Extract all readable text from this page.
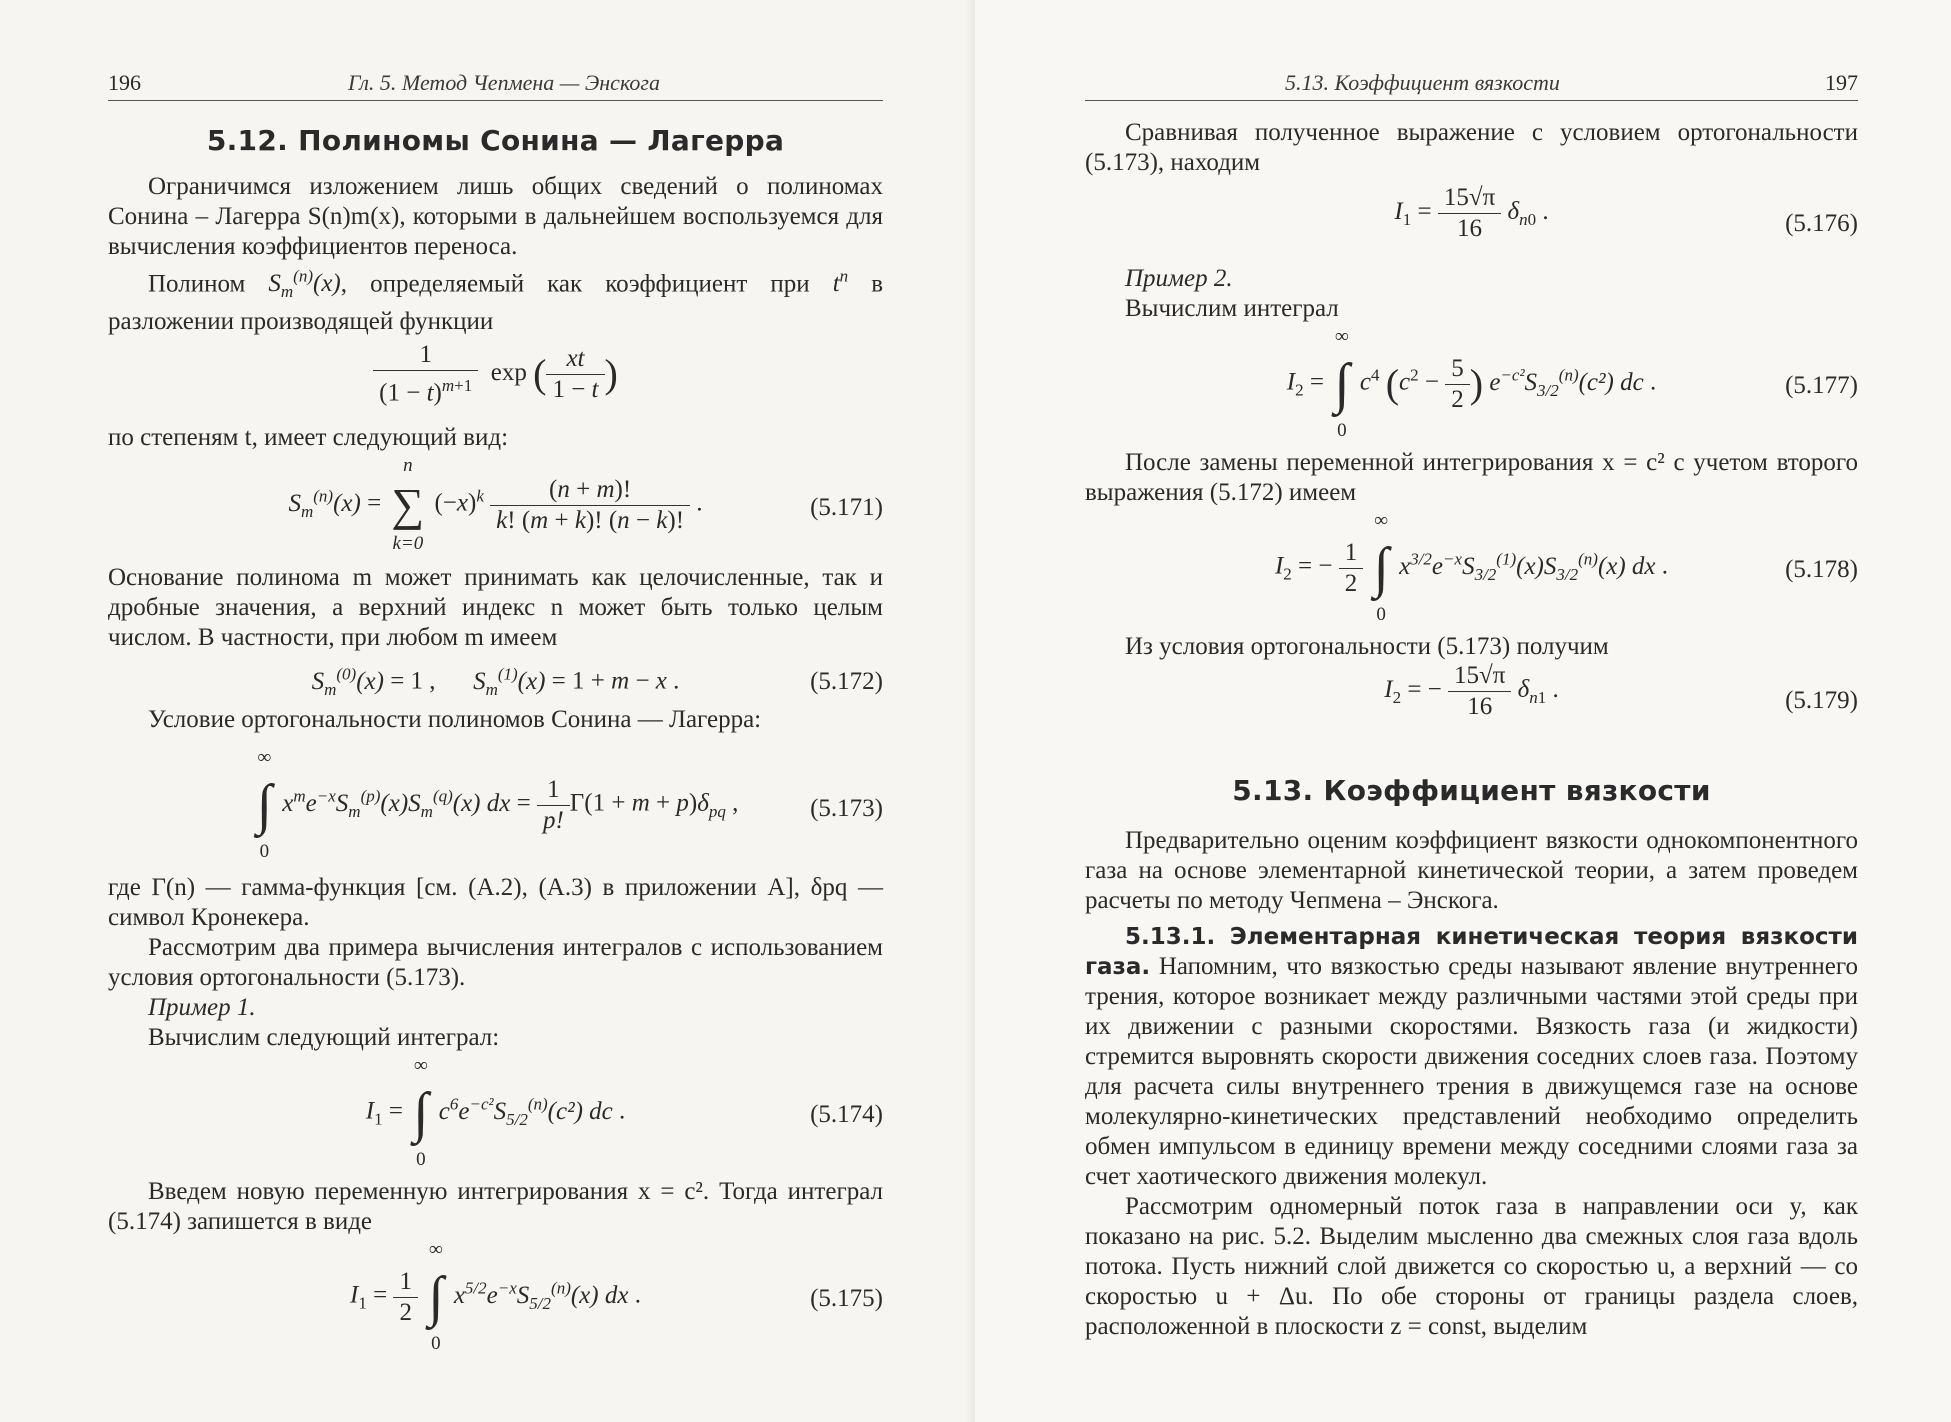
196	Гл. 5. Метод Чепмена — Энскога
5.12. Полиномы Сонина — Лагерра

Ограничимся изложением лишь общих сведений о полиномах Сонина – Лагерра S(n)m(x), которыми в дальнейшем воспользуемся для вычисления коэффициентов переноса.

Полином $S_m^{(n)}(x)$, определяемый как коэффициент при $t^n$ в разложении производящей функции

$\frac{1}{(1 - t)^{m+1}}$ exp ( $\frac{xt}{1 - t}$ )

по степеням t, имеет следующий вид:

$S_m^{(n)}(x)$ =
n
∑
k=0
$(-x)^k \frac{(n + m)!}{k! (m + k)! (n - k)!}$ .	(5.171)

Основание полинома m может принимать как целочисленные, так и дробные значения, а верхний индекс n может быть только целым числом. В частности, при любом m имеем

$S_m^{(0)}(x) = 1$ ,      $S_m^{(1)}(x) = 1 + m - x$ .	(5.172)

Условие ортогональности полиномов Сонина — Лагерра:

∞
∫
0
$x^me^{-x}S_m^{(p)}(x)S_m^{(q)}(x)$ dx = $\frac{1}{p!} \Gamma(1 + m + p)\delta_{pq}$ ,	(5.173)

где Γ(n) — гамма-функция [см. (А.2), (А.3) в приложении А], δpq — символ Кронекера.

Рассмотрим два примера вычисления интегралов с использованием условия ортогональности (5.173).

Пример 1.

Вычислим следующий интеграл:

$I_1$ =
∞
∫
0
$c^6e^{-c^2}S_{5/2}^{(n)}(c^2)$ dc .	(5.174)

Введем новую переменную интегрирования x = c². Тогда интеграл (5.174) запишется в виде

$I_1 = \frac{1}{2}$

∞
∫
0
$x^{5/2}e^{-x}S_{5/2}^{(n)}(x)$ dx .	(5.175)
5.13. Коэффициент вязкости	197

Сравнивая полученное выражение с условием ортогональности (5.173), находим

$I_1 = \frac{15√\pi}{16} \delta_{n0}$ .	(5.176)

Пример 2.

Вычислим интеграл

$I_2$ =
∞
∫
0
$c^4$ ($c^2 - \frac{5}{2}$ ) $e^{-c^2}S_{3/2}^{(n)}(c^2)$ dc .	(5.177)

После замены переменной интегрирования x = c² с учетом второго выражения (5.172) имеем

$I_2$ = − $\frac{1}{2}$

∞
∫
0
$x^{3/2}e^{-x}S_{3/2}^{(1)}(x)S_{3/2}^{(n)}(x)$ dx .	(5.178)

Из условия ортогональности (5.173) получим

$I_2$ = − $\frac{15√\pi}{16} \delta_{n1}$ .	(5.179)
5.13. Коэффициент вязкости

Предварительно оценим коэффициент вязкости однокомпонентного газа на основе элементарной кинетической теории, а затем проведем расчеты по методу Чепмена – Энскога.

5.13.1. Элементарная кинетическая теория вязкости газа. Напомним, что вязкостью среды называют явление внутреннего трения, которое возникает между различными частями этой среды при их движении с разными скоростями. Вязкость газа (и жидкости) стремится выровнять скорости движения соседних слоев газа. Поэтому для расчета силы внутреннего трения в движущемся газе на основе молекулярно-кинетических представлений необходимо определить обмен импульсом в единицу времени между соседними слоями газа за счет хаотического движения молекул.

Рассмотрим одномерный поток газа в направлении оси y, как показано на рис. 5.2. Выделим мысленно два смежных слоя газа вдоль потока. Пусть нижний слой движется со скоростью u, а верхний — со скоростью u + Δu. По обе стороны от границы раздела слоев, расположенной в плоскости z = const, выделим
